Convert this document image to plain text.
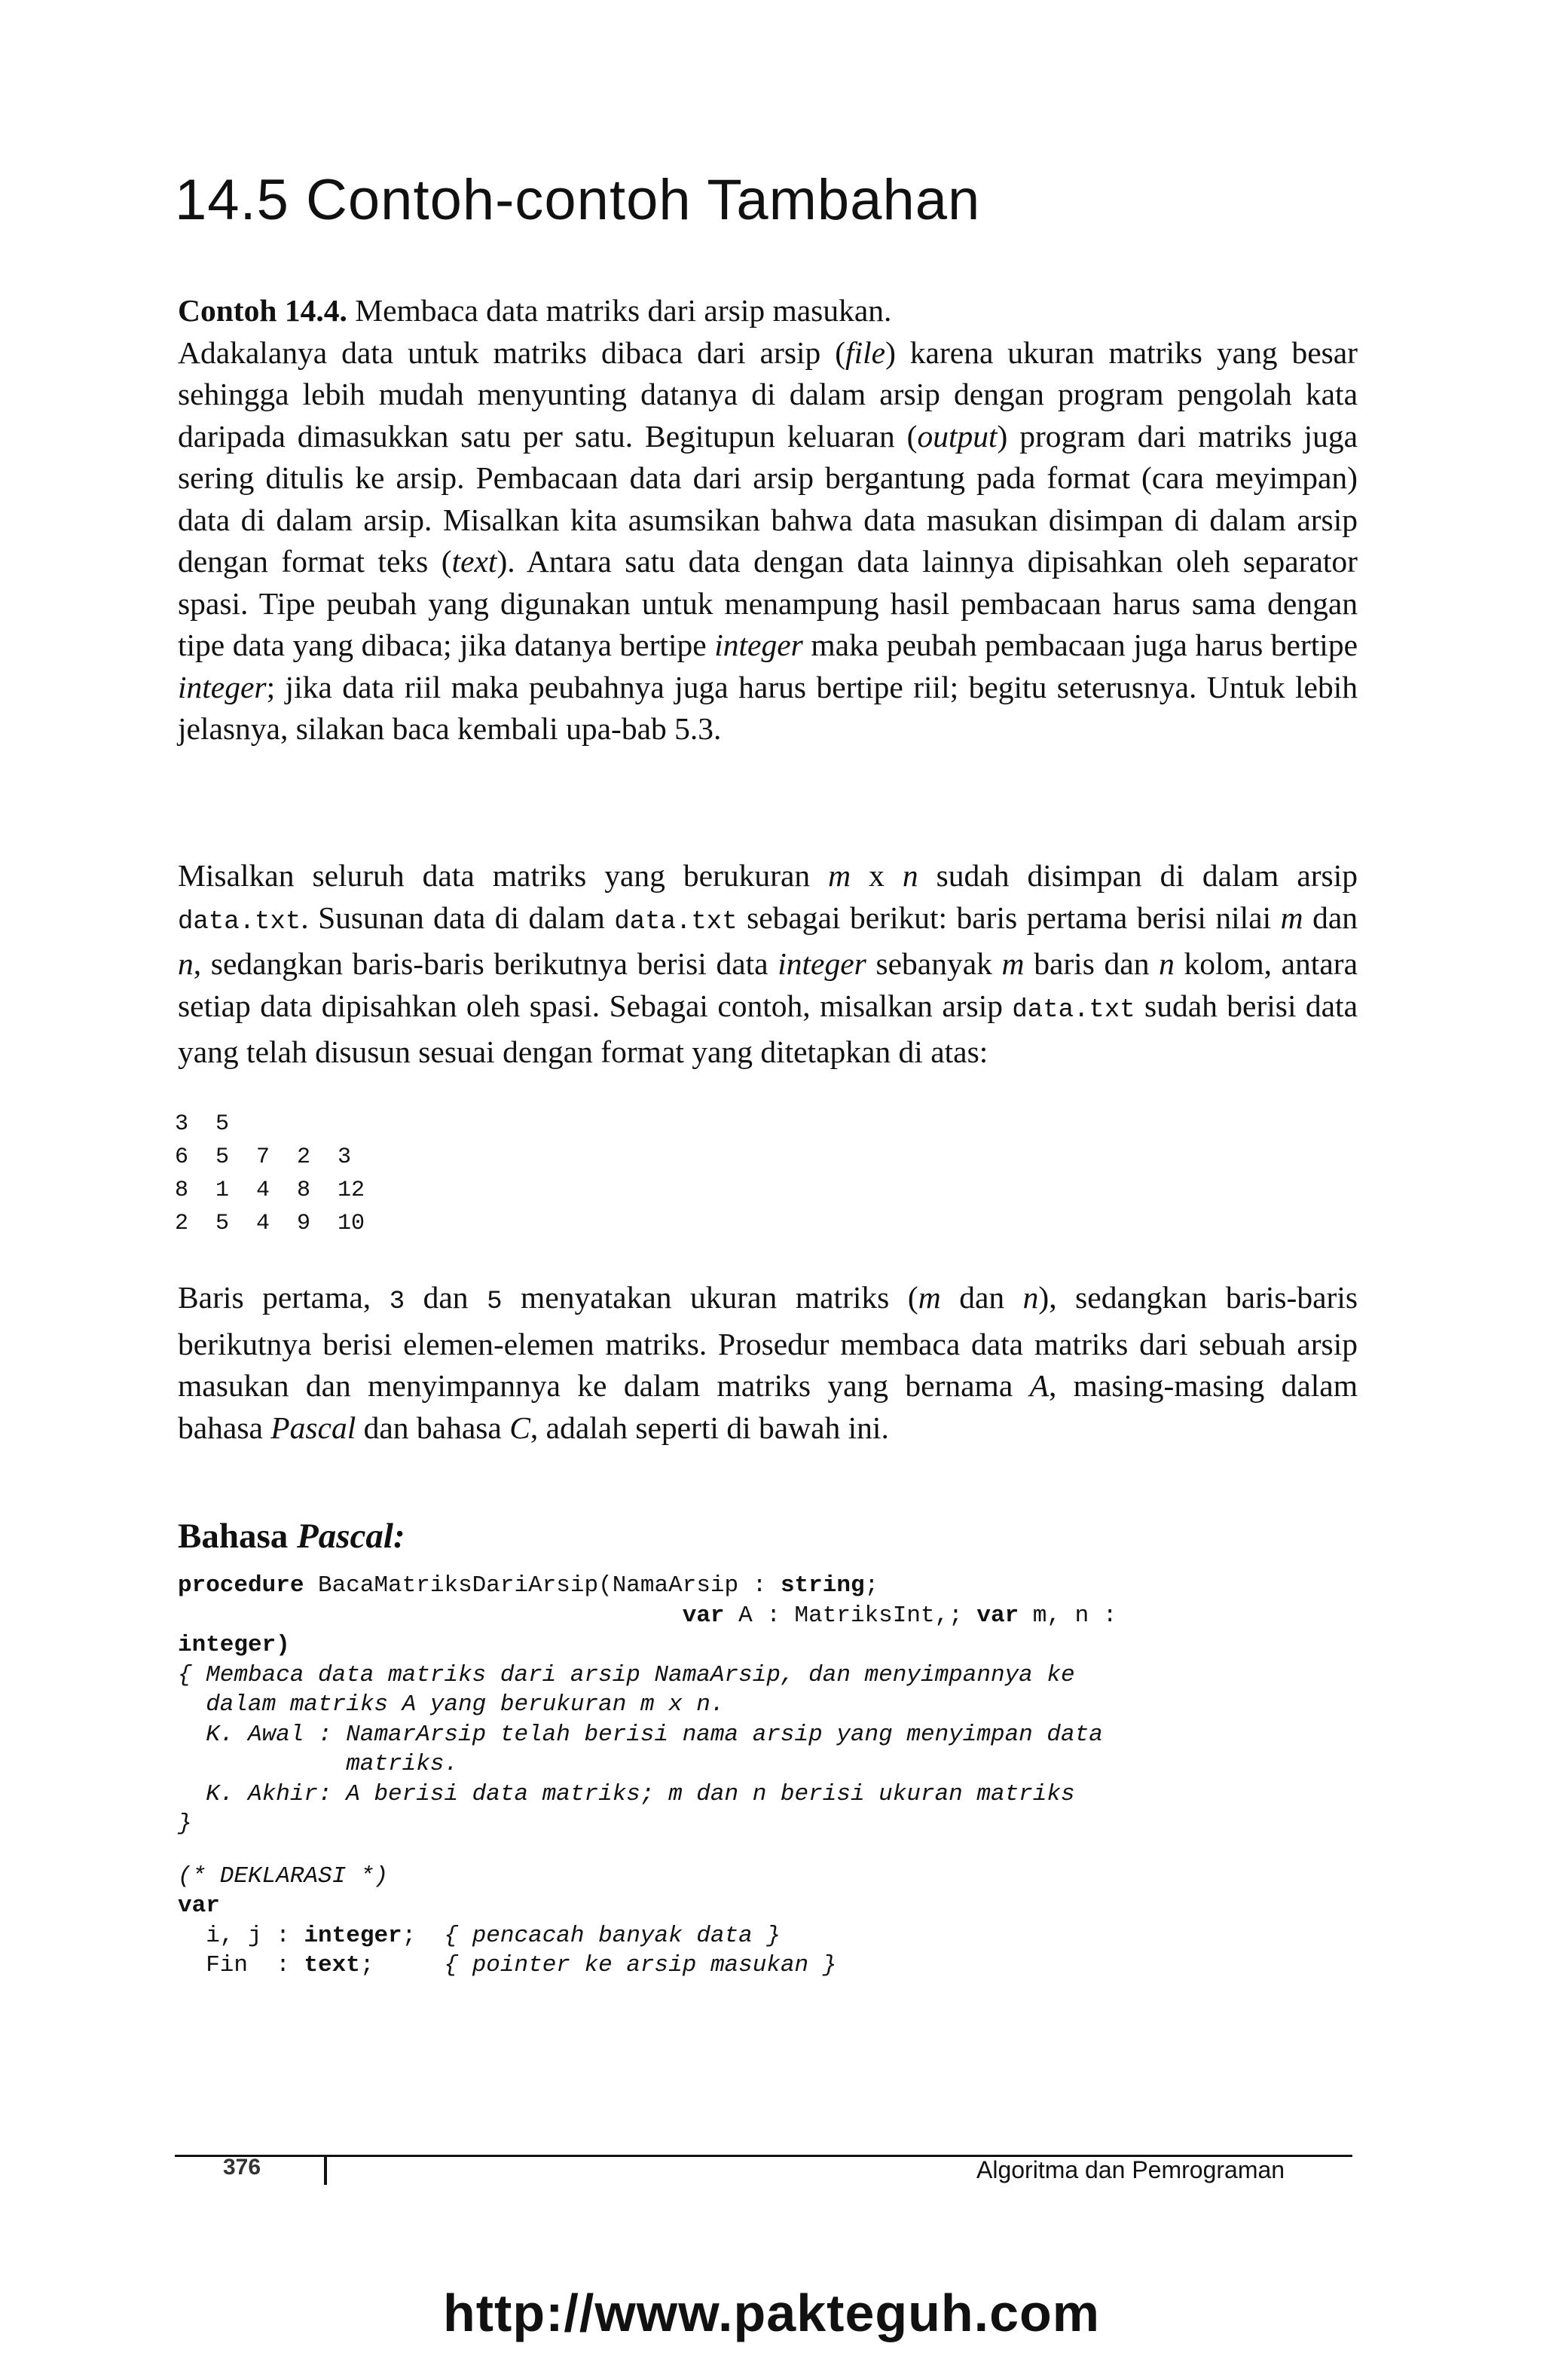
14.5 Contoh-contoh Tambahan
Contoh 14.4. Membaca data matriks dari arsip masukan.
Adakalanya data untuk matriks dibaca dari arsip (file) karena ukuran matriks yang besar sehingga lebih mudah menyunting datanya di dalam arsip dengan program pengolah kata daripada dimasukkan satu per satu. Begitupun keluaran (output) program dari matriks juga sering ditulis ke arsip. Pembacaan data dari arsip bergantung pada format (cara meyimpan) data di dalam arsip. Misalkan kita asumsikan bahwa data masukan disimpan di dalam arsip dengan format teks (text). Antara satu data dengan data lainnya dipisahkan oleh separator spasi. Tipe peubah yang digunakan untuk menampung hasil pembacaan harus sama dengan tipe data yang dibaca; jika datanya bertipe integer maka peubah pembacaan juga harus bertipe integer; jika data riil maka peubahnya juga harus bertipe riil; begitu seterusnya. Untuk lebih jelasnya, silakan baca kembali upa-bab 5.3.
Misalkan seluruh data matriks yang berukuran m x n sudah disimpan di dalam arsip data.txt. Susunan data di dalam data.txt sebagai berikut: baris pertama berisi nilai m dan n, sedangkan baris-baris berikutnya berisi data integer sebanyak m baris dan n kolom, antara setiap data dipisahkan oleh spasi. Sebagai contoh, misalkan arsip data.txt sudah berisi data yang telah disusun sesuai dengan format yang ditetapkan di atas:
3  5
6  5  7  2  3
8  1  4  8  12
2  5  4  9  10
Baris pertama, 3 dan 5 menyatakan ukuran matriks (m dan n), sedangkan baris-baris berikutnya berisi elemen-elemen matriks. Prosedur membaca data matriks dari sebuah arsip masukan dan menyimpannya ke dalam matriks yang bernama A, masing-masing dalam bahasa Pascal dan bahasa C, adalah seperti di bawah ini.
Bahasa Pascal:
procedure BacaMatriksDariArsip(NamaArsip : string;
var A : MatriksInt,; var m, n :
integer)
{ Membaca data matriks dari arsip NamaArsip, dan menyimpannya ke
dalam matriks A yang berukuran m x n.
K. Awal : NamarArsip telah berisi nama arsip yang menyimpan data
matriks.
K. Akhir: A berisi data matriks; m dan n berisi ukuran matriks
}
(* DEKLARASI *)
var
i, j : integer;  { pencacah banyak data }
Fin  : text;     { pointer ke arsip masukan }
376	Algoritma dan Pemrograman
http://www.pakteguh.com
